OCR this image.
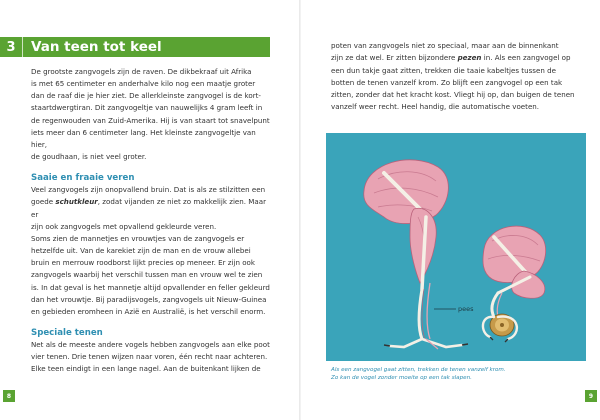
3	Van teen tot keel

De grootste zangvogels zijn de raven. De dikbekraaf uit Afrika

is met 65 centimeter en anderhalve kilo nog een maatje groter

dan de raaf die je hier ziet. De allerkleinste zangvogel is de kort-

staartdwergtiran. Dit zangvogeltje van nauwelijks 4 gram leeft in

de regenwouden van Zuid-Amerika. Hij is van staart tot snavelpunt

iets meer dan 6 centimeter lang. Het kleinste zangvogeltje van hier,

de goudhaan, is niet veel groter.

Saaie en fraaie veren

Veel zangvogels zijn onopvallend bruin. Dat is als ze stilzitten een

goede schutkleur, zodat vijanden ze niet zo makkelijk zien. Maar er

zijn ook zangvogels met opvallend gekleurde veren.

Soms zien de mannetjes en vrouwtjes van de zangvogels er

hetzelfde uit. Van de karekiet zijn de man en de vrouw allebei

bruin en merrouw roodborst lijkt precies op meneer. Er zijn ook

zangvogels waarbij het verschil tussen man en vrouw wel te zien

is. In dat geval is het mannetje altijd opvallender en feller gekleurd

dan het vrouwtje. Bij paradijsvogels, zangvogels uit Nieuw-Guinea

en gebieden eromheen in Azië en Australië, is het verschil enorm.

Speciale tenen

Net als de meeste andere vogels hebben zangvogels aan elke poot

vier tenen. Drie tenen wijzen naar voren, één recht naar achteren.

Elke teen eindigt in een lange nagel. Aan de buitenkant lijken de

8

poten van zangvogels niet zo speciaal, maar aan de binnenkant

zijn ze dat wel. Er zitten bijzondere pezen in. Als een zangvogel op

een dun takje gaat zitten, trekken die taaie kabeltjes tussen de

botten de tenen vanzelf krom. Zo blijft een zangvogel op een tak

zitten, zonder dat het kracht kost. Vliegt hij op, dan buigen de tenen

vanzelf weer recht. Heel handig, die automatische voeten.

pees

Als een zangvogel gaat zitten, trekken de tenen vanzelf krom.

Zo kan de vogel zonder moeite op een tak slapen.

9
